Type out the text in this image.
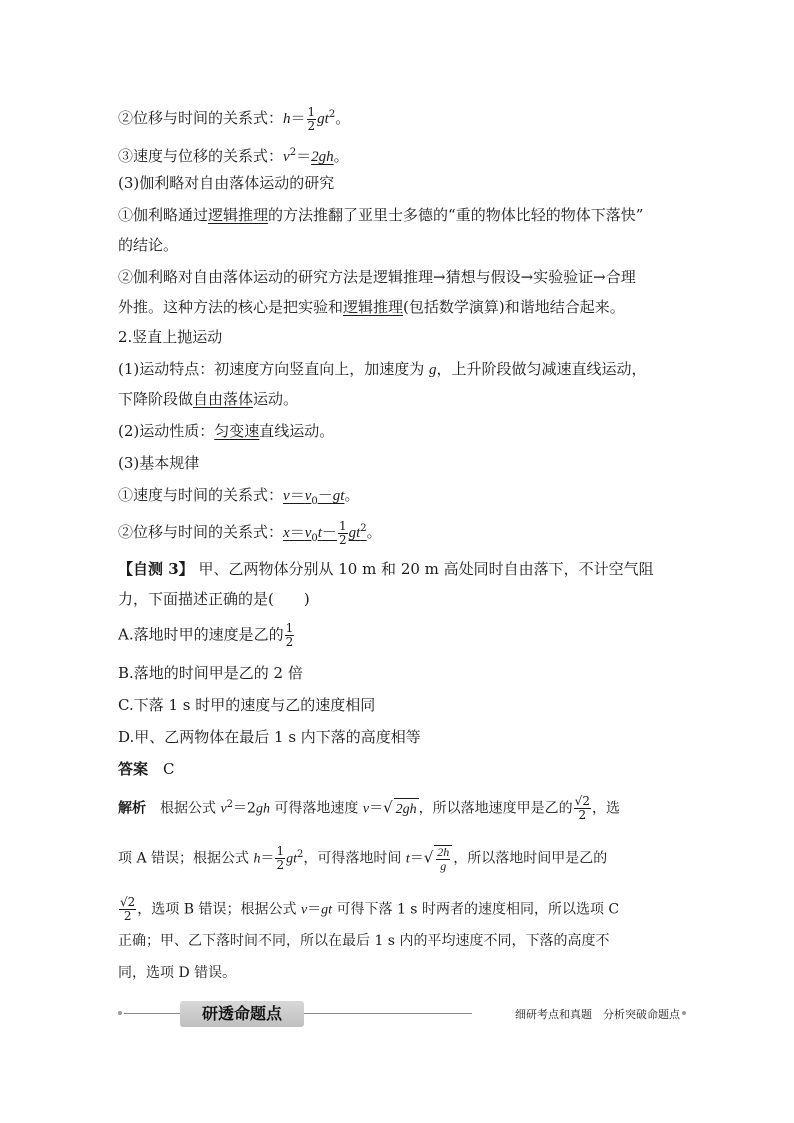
②位移与时间的关系式：$h= \frac{1}{2} gt^2$。
③速度与位移的关系式：$v^2=2gh$。
(3)伽利略对自由落体运动的研究
①伽利略通过逻辑推理的方法推翻了亚里士多德的“重的物体比轻的物体下落快”
的结论。
②伽利略对自由落体运动的研究方法是逻辑推理→猜想与假设→实验验证→合理
外推。这种方法的核心是把实验和逻辑推理(包括数学演算)和谐地结合起来。
2.竖直上抛运动
(1)运动特点：初速度方向竖直向上，加速度为 g，上升阶段做匀减速直线运动，
下降阶段做自由落体运动。
(2)运动性质：匀变速直线运动。
(3)基本规律
①速度与时间的关系式：$v=v_0-gt$。
②位移与时间的关系式：$x=v_0t- \frac{1}{2} gt^2$。
【自测 3】 甲、乙两物体分别从 10 m 和 20 m 高处同时自由落下，不计空气阻
力，下面描述正确的是(　　)
A.落地时甲的速度是乙的 $\frac{1}{2}$
B.落地的时间甲是乙的 2 倍
C.下落 1 s 时甲的速度与乙的速度相同
D.甲、乙两物体在最后 1 s 内下落的高度相等
答案　 C
解析　根据公式 $v^2=2gh$ 可得落地速度 v＝√ 2gh ，所以落地速度甲是乙的 $\frac{√2}{2}$ ，选
项 A 错误；根据公式 $h= \frac{1}{2} gt^2$，可得落地时间 $t=√ \frac{2h}{g}$ ，所以落地时间甲是乙的
$\frac{√2}{2}$ ，选项 B 错误；根据公式 v＝gt 可得下落 1 s 时两者的速度相同，所以选项 C
正确；甲、乙下落时间不同，所以在最后 1 s 内的平均速度不同，下落的高度不
同，选项 D 错误。
研透命题点	细研考点和真题　分析突破命题点
